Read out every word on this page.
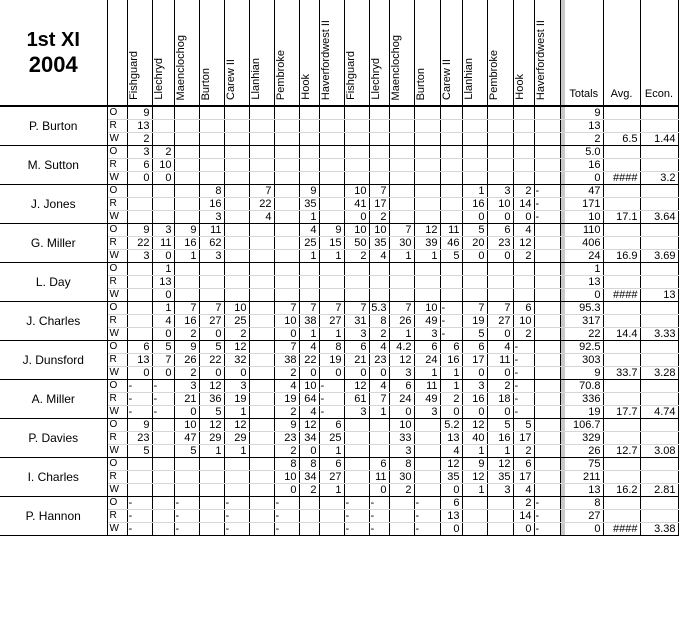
1st XI
2004		Fishguard	Llechryd	Maenclochog	Burton	Carew II	Llanhian	Pembroke	Hook	Haverfordwest II	Fishguard	Llechryd	Maenclochog	Burton	Carew II	Llanhian	Pembroke	Hook	Haverfordwest II		Totals	Avg.	Econ.
P. Burton	O	9																			9		
	R	13																			13		
	W	2																			2	6.5	1.44
M. Sutton	O	3	2																		5.0		
	R	6	10																		16		
	W	0	0																		0	####	3.2
J. Jones	O				8		7		9		10	7				1	3	2	-		47		
	R				16		22		35		41	17				16	10	14	-		171		
	W				3		4		1		0	2				0	0	0	-		10	17.1	3.64
G. Miller	O	9	3	9	11				4	9	10	10	7	12	11	5	6	4			110		
	R	22	11	16	62				25	15	50	35	30	39	46	20	23	12			406		
	W	3	0	1	3				1	1	2	4	1	1	5	0	0	2			24	16.9	3.69
L. Day	O		1																		1		
	R		13																		13		
	W		0																		0	####	13
J. Charles	O		1	7	7	10		7	7	7	7	5.3	7	10	-	7	7	6			95.3		
	R		4	16	27	25		10	38	27	31	8	26	49	-	19	27	10			317		
	W		0	2	0	2		0	1	1	3	2	1	3	-	5	0	2			22	14.4	3.33
J. Dunsford	O	6	5	9	5	12		7	4	8	6	4	4.2	6	6	6	4	-			92.5		
	R	13	7	26	22	32		38	22	19	21	23	12	24	16	17	11	-			303		
	W	0	0	2	0	0		2	0	0	0	0	3	1	1	0	0	-			9	33.7	3.28
A. Miller	O	-	-	3	12	3		4	10	-	12	4	6	11	1	3	2	-			70.8		
	R	-	-	21	36	19		19	64	-	61	7	24	49	2	16	18	-			336		
	W	-	-	0	5	1		2	4	-	3	1	0	3	0	0	0	-			19	17.7	4.74
P. Davies	O	9		10	12	12		9	12	6			10		5.2	12	5	5			106.7		
	R	23		47	29	29		23	34	25			33		13	40	16	17			329		
	W	5		5	1	1		2	0	1			3		4	1	1	2			26	12.7	3.08
I. Charles	O							8	8	6		6	8		12	9	12	6			75		
	R							10	34	27		11	30		35	12	35	17			211		
	W							0	2	1		0	2		0	1	3	4			13	16.2	2.81
P. Hannon	O	-		-		-		-			-	-		-	6			2	-		8		
	R	-		-		-		-			-	-		-	13			14	-		27		
	W	-		-		-		-			-	-		-	0			0	-		0	####	3.38
